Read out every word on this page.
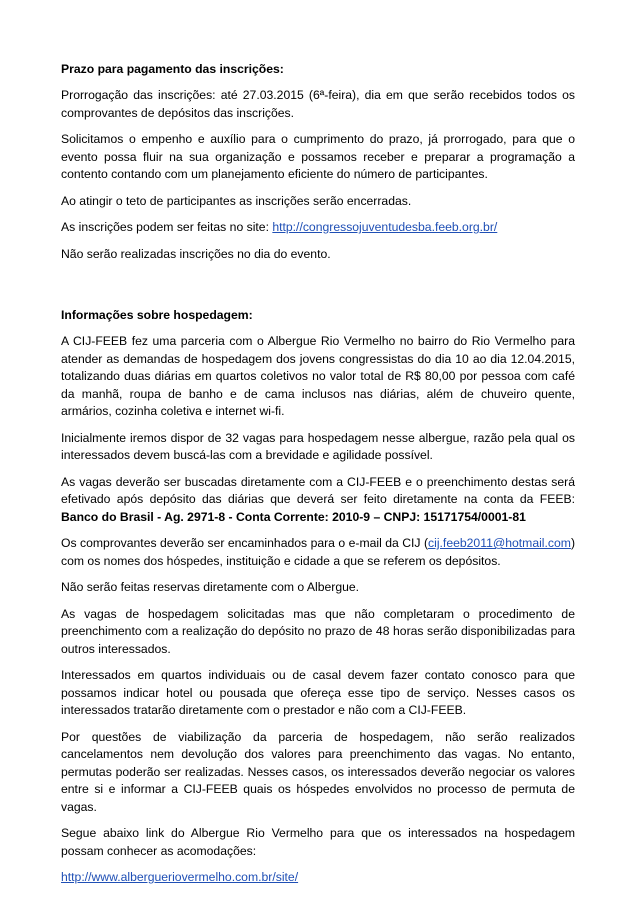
Prazo para pagamento das inscrições:

Prorrogação das inscrições: até 27.03.2015 (6ª-feira), dia em que serão recebidos todos os comprovantes de depósitos das inscrições.

Solicitamos o empenho e auxílio para o cumprimento do prazo, já prorrogado, para que o evento possa fluir na sua organização e possamos receber e preparar a programação a contento contando com um planejamento eficiente do número de participantes.

Ao atingir o teto de participantes as inscrições serão encerradas.

As inscrições podem ser feitas no site: http://congressojuventudesba.feeb.org.br/

Não serão realizadas inscrições no dia do evento.

Informações sobre hospedagem:

A CIJ-FEEB fez uma parceria com o Albergue Rio Vermelho no bairro do Rio Vermelho para atender as demandas de hospedagem dos jovens congressistas do dia 10 ao dia 12.04.2015, totalizando duas diárias em quartos coletivos no valor total de R$ 80,00 por pessoa com café da manhã, roupa de banho e de cama inclusos nas diárias, além de chuveiro quente, armários, cozinha coletiva e internet wi-fi.

Inicialmente iremos dispor de 32 vagas para hospedagem nesse albergue, razão pela qual os interessados devem buscá-las com a brevidade e agilidade possível.

As vagas deverão ser buscadas diretamente com a CIJ-FEEB e o preenchimento destas será efetivado após depósito das diárias que deverá ser feito diretamente na conta da FEEB: Banco do Brasil - Ag. 2971-8 - Conta Corrente: 2010-9 – CNPJ: 15171754/0001-81

Os comprovantes deverão ser encaminhados para o e-mail da CIJ (cij.feeb2011@hotmail.com) com os nomes dos hóspedes, instituição e cidade a que se referem os depósitos.

Não serão feitas reservas diretamente com o Albergue.

As vagas de hospedagem solicitadas mas que não completaram o procedimento de preenchimento com a realização do depósito no prazo de 48 horas serão disponibilizadas para outros interessados.

Interessados em quartos individuais ou de casal devem fazer contato conosco para que possamos indicar hotel ou pousada que ofereça esse tipo de serviço. Nesses casos os interessados tratarão diretamente com o prestador e não com a CIJ-FEEB.

Por questões de viabilização da parceria de hospedagem, não serão realizados cancelamentos nem devolução dos valores para preenchimento das vagas. No entanto, permutas poderão ser realizadas. Nesses casos, os interessados deverão negociar os valores entre si e informar a CIJ-FEEB quais os hóspedes envolvidos no processo de permuta de vagas.

Segue abaixo link do Albergue Rio Vermelho para que os interessados na hospedagem possam conhecer as acomodações:

http://www.albergueriovermelho.com.br/site/
